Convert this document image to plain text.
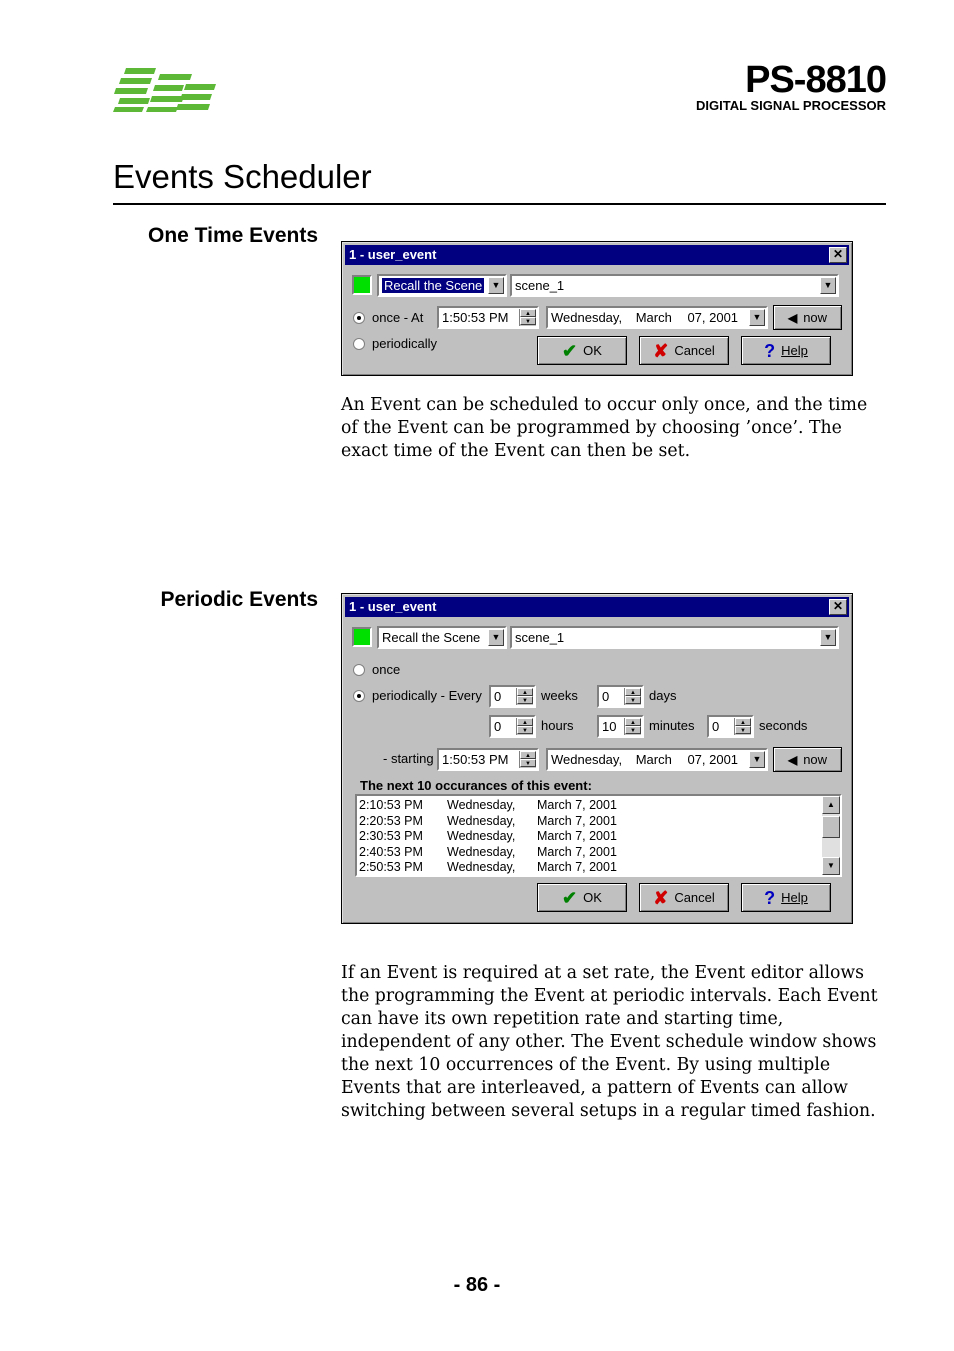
BSS	PS-8810
DIGITAL SIGNAL PROCESSOR
Events Scheduler
One Time Events
1 - user_event	✕
Recall the Scene	▼	scene_1	▼
once - At	1:50:53 PM	▲
▼	Wednesday, March 07, 2001	▼	◀ now
periodically	✔ OK	✘ Cancel	? Help
An Event can be scheduled to occur only once, and the time of the Event can be programmed by choosing ’once’. The exact time of the Event can then be set.
Periodic Events	1 - user_event	✕
Recall the Scene	▼	scene_1	▼
once
periodically - Every 0	▲
▼	weeks	0	▲
▼	days
0	▲
▼	hours	10	▲
▼	minutes	0	▲
▼	seconds
- starting 1:50:53 PM	▲
▼	Wednesday, March 07, 2001	▼	◀ now
The next 10 occurances of this event:
2:10:53 PM Wednesday, March 7, 2001
2:20:53 PM Wednesday, March 7, 2001
2:30:53 PM Wednesday, March 7, 2001
2:40:53 PM Wednesday, March 7, 2001
2:50:53 PM Wednesday, March 7, 2001
▲
▼
✔ OK	✘ Cancel	? Help
If an Event is required at a set rate, the Event editor allows the programming the Event at periodic intervals. Each Event can have its own repetition rate and starting time, independent of any other. The Event schedule window shows the next 10 occurrences of the Event. By using multiple Events that are interleaved, a pattern of Events can allow switching between several setups in a regular timed fashion.
- 86 -
